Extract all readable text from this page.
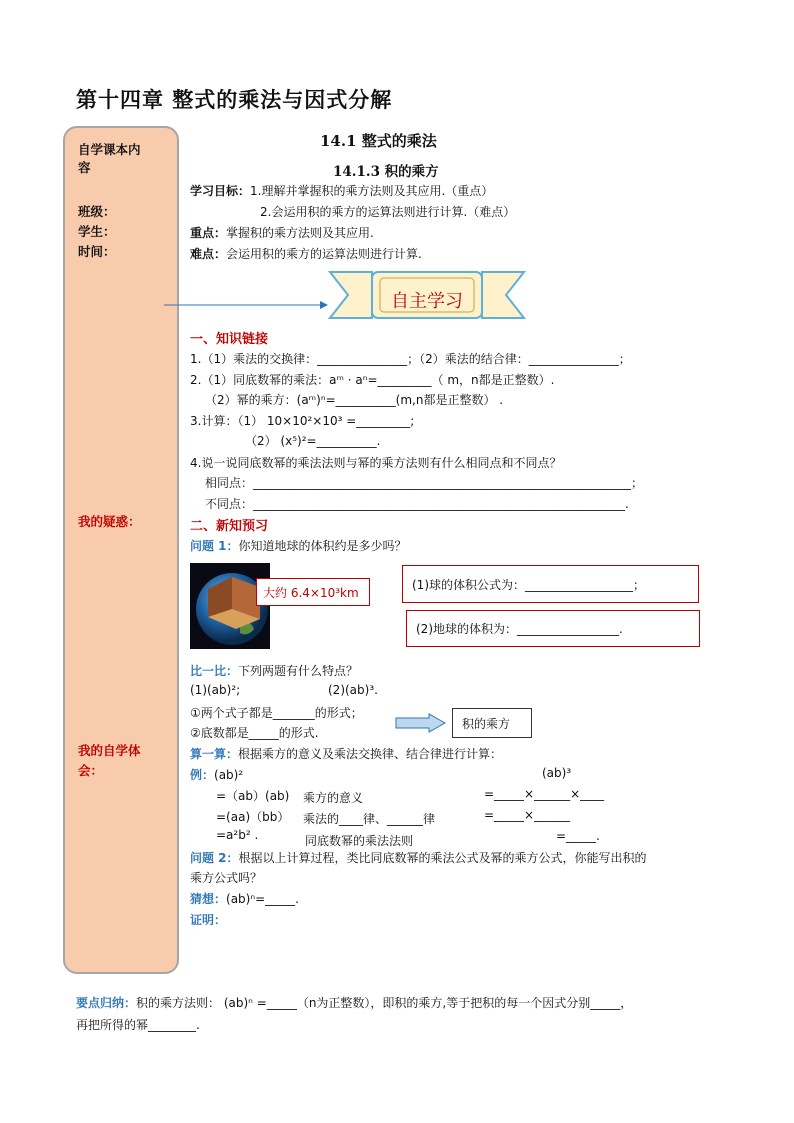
第十四章 整式的乘法与因式分解
自学课本内
容
班级：
学生：
时间：
我的疑惑：
我的自学体
会：
14.1 整式的乘法
14.1.3 积的乘方
学习目标：1.理解并掌握积的乘方法则及其应用.（重点）
2.会运用积的乘方的运算法则进行计算.（难点）
重点：掌握积的乘方法则及其应用.
难点：会运用积的乘方的运算法则进行计算.
自主学习
一、知识链接
1.（1）乘法的交换律：_______________；（2）乘法的结合律：_______________；
2.（1）同底数幂的乘法：aᵐ · aⁿ=_________（ m，n都是正整数）.
（2）幂的乘方：(aᵐ)ⁿ=__________(m,n都是正整数） .
3.计算：（1） 10×10²×10³ =_________;
（2） (x⁵)²=__________.
4.说一说同底数幂的乘法法则与幂的乘方法则有什么相同点和不同点？
相同点：_______________________________________________________________；
不同点：______________________________________________________________.
二、新知预习
问题 1：你知道地球的体积约是多少吗？
大约 6.4×10³km
(1)球的体积公式为：__________________；
(2)地球的体积为：_________________.
比一比：下列两题有什么特点？
(1)(ab)²;	(2)(ab)³.
①两个式子都是_______的形式；
②底数都是_____的形式.
积的乘方
算一算：根据乘方的意义及乘法交换律、结合律进行计算：
例：(ab)²	(ab)³
=（ab）(ab) 乘方的意义	=_____×______×____
=(aa)（bb） 乘法的____律、______律	=_____×______
=a²b² .	同底数幂的乘法法则	=_____.
问题 2：根据以上计算过程，类比同底数幂的乘法公式及幂的乘方公式，你能写出积的
乘方公式吗？
猜想：(ab)ⁿ=_____.
证明：
要点归纳：积的乘方法则： (ab)ⁿ =_____（n为正整数），即积的乘方,等于把积的每一个因式分别_____，
再把所得的幂________.
